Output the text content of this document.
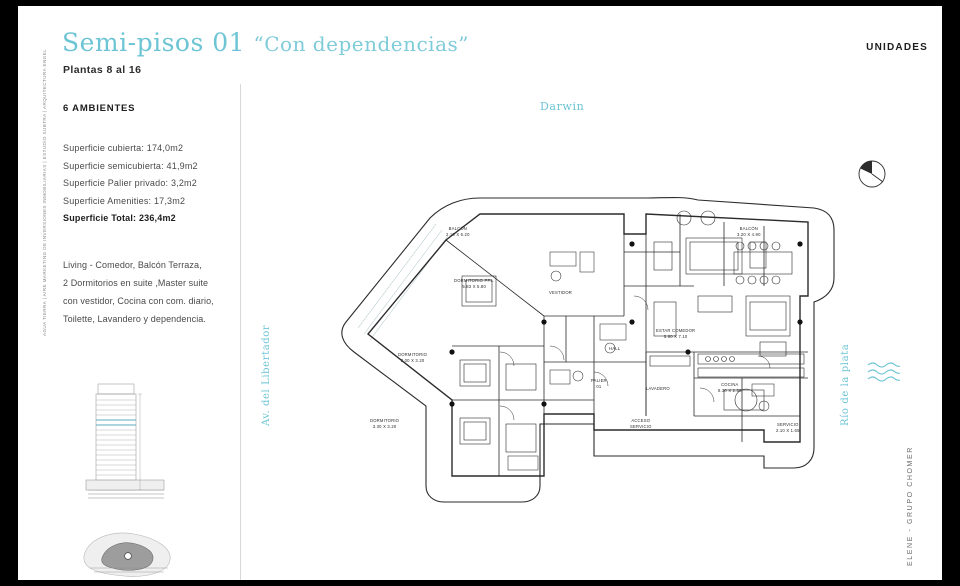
Semi-pisos 01 “Con dependencias”
Plantas 8 al 16
UNIDADES
6 AMBIENTES
Superficie cubierta: 174,0m2
Superficie semicubierta: 41,9m2
Superficie Palier privado: 3,2m2
Superficie Amenities: 17,3m2
Superficie Total: 236,4m2
Living - Comedor, Balcón Terraza,
2 Dormitorios en suite ,Master suite
con vestidor, Cocina con com. diario,
Toilette, Lavandero y dependencia.
AGUA TIERRA | AIRE MARKETING DE INVERSIONES INMOBILIARIAS | ESTUDIO SUBTRA | ARQUITECTURA ENGEL
ELENE - GRUPO CHOMER
Darwin
Av. del Libertador	Río de la plata
BALCÓN
2.10 X 6.20
BALCÓN
3.20 X 4.90
DORMITORIO PPL.
5.83 X 5.80
VESTIDOR
ESTAR COMEDOR
5.60 X 7.10
HALL
DORMITORIO
3.00 X 3.20
PALIER
01	LAVADERO
COCINA
8.30 X 2.50
DORMITORIO
3.30 X 3.20
ACCESO
SERVICIO	SERVICIO
2.10 X 1.65
